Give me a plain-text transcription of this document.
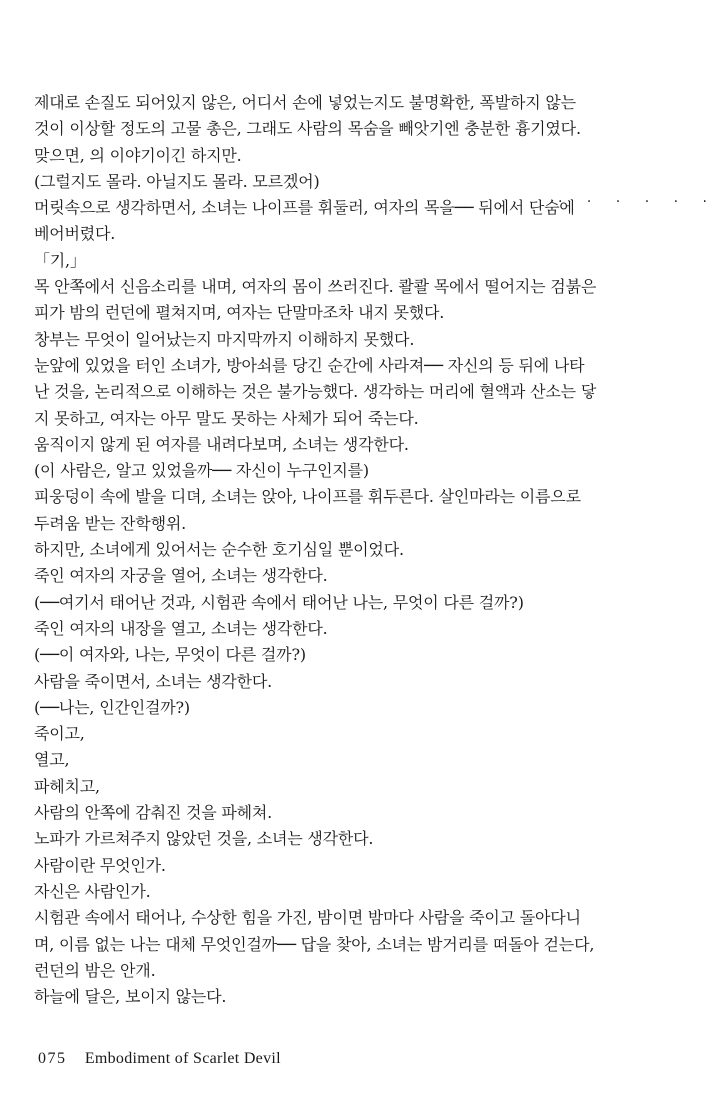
제대로 손질도 되어있지 않은, 어디서 손에 넣었는지도 불명확한, 폭발하지 않는
것이 이상할 정도의 고물 총은, 그래도 사람의 목숨을 빼앗기엔 충분한 흉기였다.
맞으면, 의 이야기이긴 하지만.
(그럴지도 몰라. 아닐지도 몰라. 모르겠어)
· · · · · ·
머릿속으로 생각하면서, 소녀는 나이프를 휘둘러, 여자의 목을── 뒤에서 단숨에
베어버렸다.
「기,」
목 안쪽에서 신음소리를 내며, 여자의 몸이 쓰러진다. 콸콸 목에서 떨어지는 검붉은
피가 밤의 런던에 펼쳐지며, 여자는 단말마조차 내지 못했다.
창부는 무엇이 일어났는지 마지막까지 이해하지 못했다.
눈앞에 있었을 터인 소녀가, 방아쇠를 당긴 순간에 사라져── 자신의 등 뒤에 나타
난 것을, 논리적으로 이해하는 것은 불가능했다. 생각하는 머리에 혈액과 산소는 닿
지 못하고, 여자는 아무 말도 못하는 사체가 되어 죽는다.
움직이지 않게 된 여자를 내려다보며, 소녀는 생각한다.
(이 사람은, 알고 있었을까── 자신이 누구인지를)
피웅덩이 속에 발을 디뎌, 소녀는 앉아, 나이프를 휘두른다. 살인마라는 이름으로
두려움 받는 잔학행위.
하지만, 소녀에게 있어서는 순수한 호기심일 뿐이었다.
죽인 여자의 자궁을 열어, 소녀는 생각한다.
(──여기서 태어난 것과, 시험관 속에서 태어난 나는, 무엇이 다른 걸까?)
죽인 여자의 내장을 열고, 소녀는 생각한다.
(──이 여자와, 나는, 무엇이 다른 걸까?)
사람을 죽이면서, 소녀는 생각한다.
(──나는, 인간인걸까?)
죽이고,
열고,
파헤치고,
사람의 안쪽에 감춰진 것을 파헤쳐.
노파가 가르쳐주지 않았던 것을, 소녀는 생각한다.
사람이란 무엇인가.
자신은 사람인가.
시험관 속에서 태어나, 수상한 힘을 가진, 밤이면 밤마다 사람을 죽이고 돌아다니
며, 이름 없는 나는 대체 무엇인걸까── 답을 찾아, 소녀는 밤거리를 떠돌아 걷는다,
런던의 밤은 안개.
하늘에 달은, 보이지 않는다.
075 Embodiment of Scarlet Devil
